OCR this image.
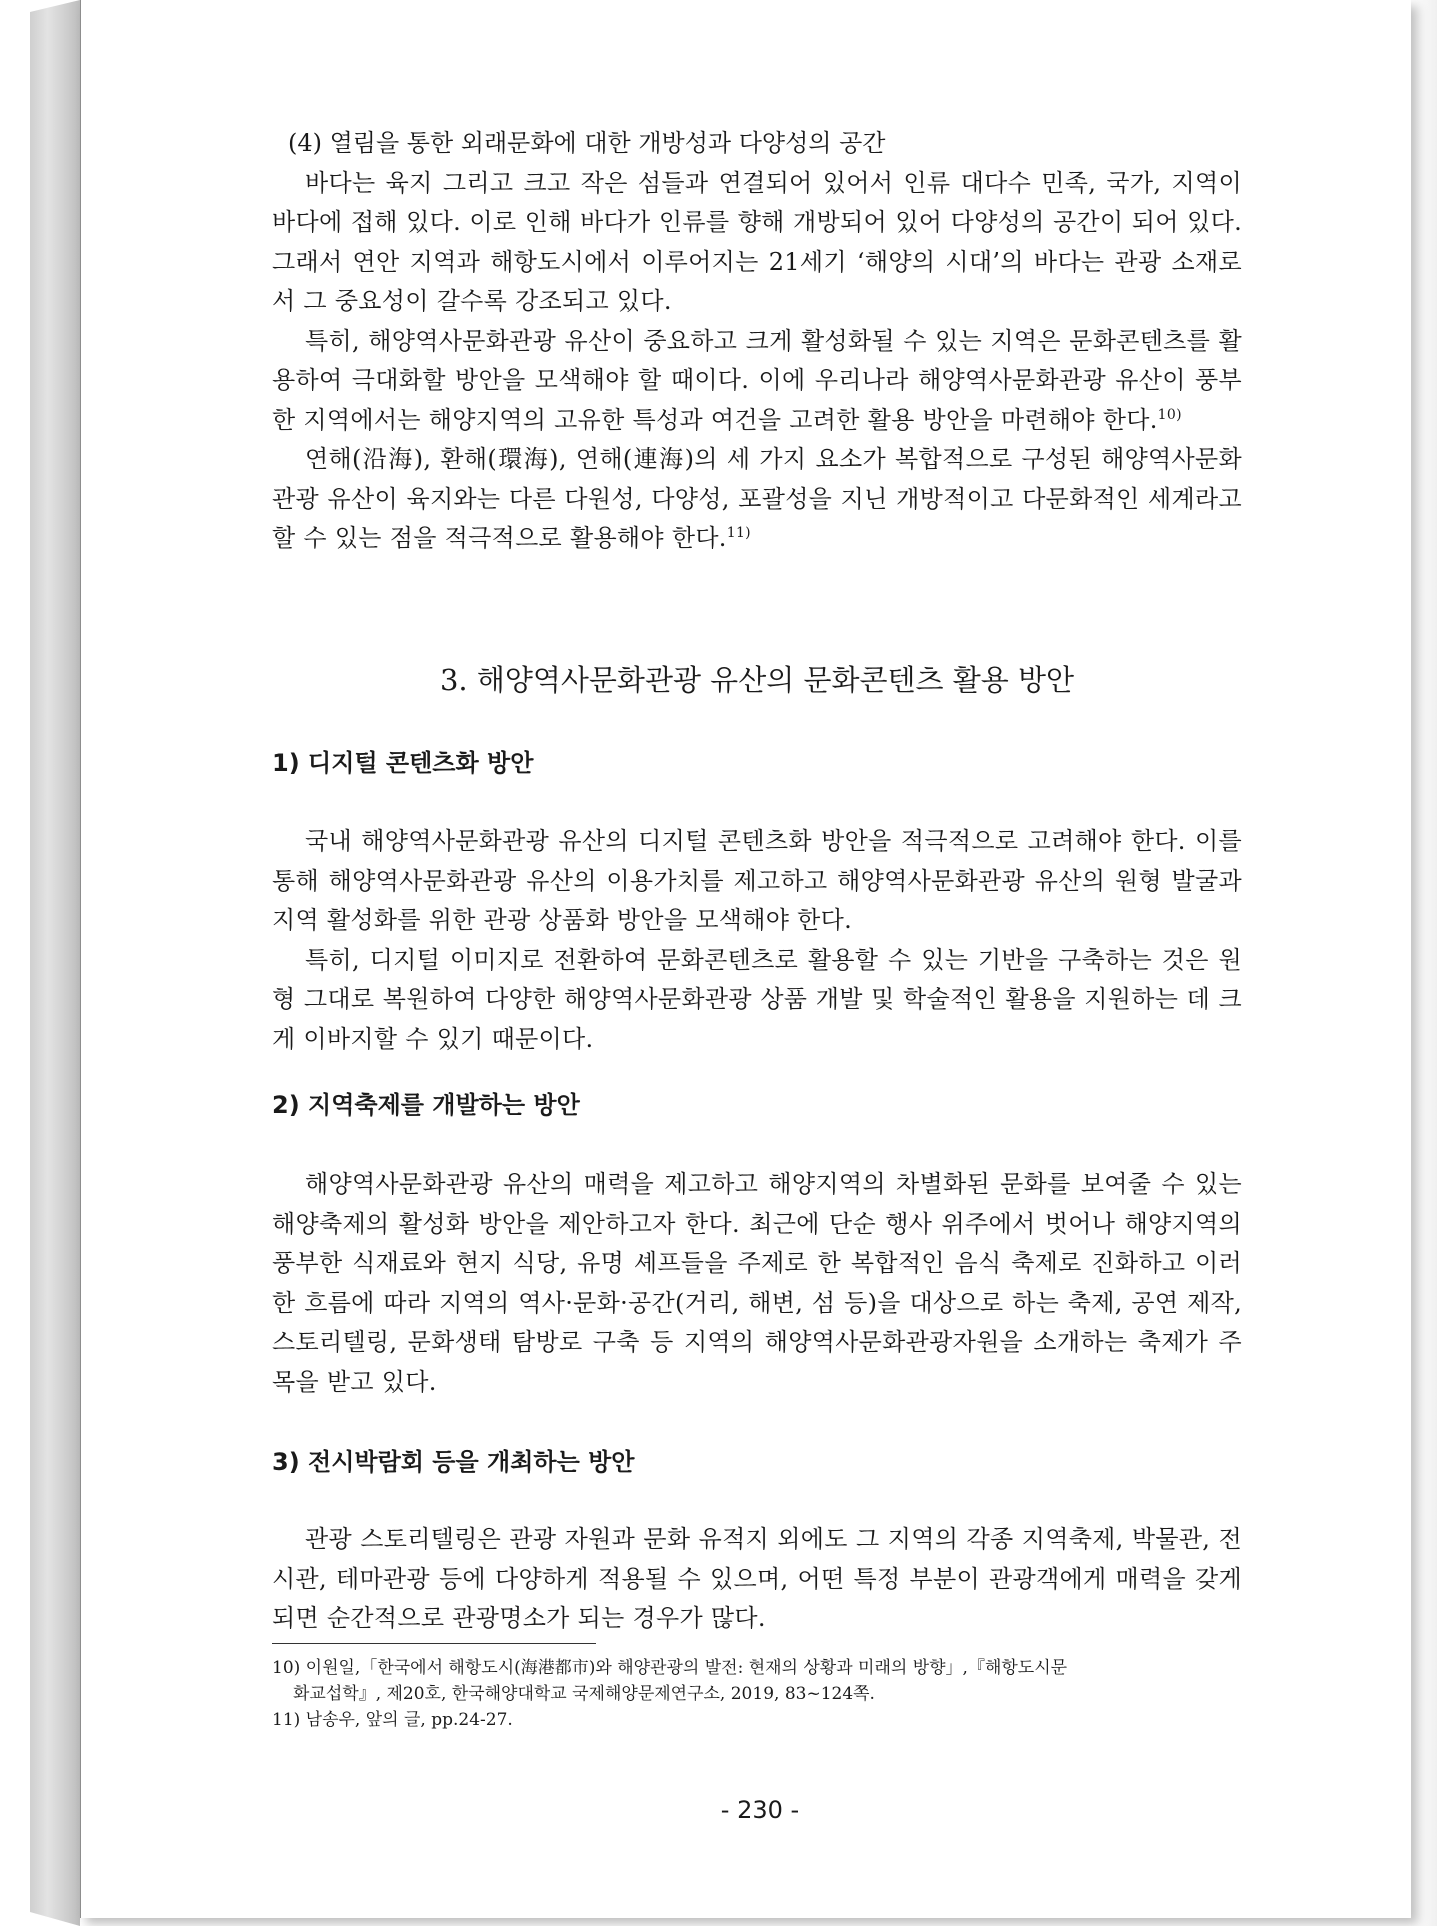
(4) 열림을 통한 외래문화에 대한 개방성과 다양성의 공간

바다는 육지 그리고 크고 작은 섬들과 연결되어 있어서 인류 대다수 민족, 국가, 지역이 바다에 접해 있다. 이로 인해 바다가 인류를 향해 개방되어 있어 다양성의 공간이 되어 있다. 그래서 연안 지역과 해항도시에서 이루어지는 21세기 ‘해양의 시대’의 바다는 관광 소재로서 그 중요성이 갈수록 강조되고 있다.

특히, 해양역사문화관광 유산이 중요하고 크게 활성화될 수 있는 지역은 문화콘텐츠를 활용하여 극대화할 방안을 모색해야 할 때이다. 이에 우리나라 해양역사문화관광 유산이 풍부한 지역에서는 해양지역의 고유한 특성과 여건을 고려한 활용 방안을 마련해야 한다.$^{10)}$

연해(沿海), 환해(環海), 연해(連海)의 세 가지 요소가 복합적으로 구성된 해양역사문화관광 유산이 육지와는 다른 다원성, 다양성, 포괄성을 지닌 개방적이고 다문화적인 세계라고 할 수 있는 점을 적극적으로 활용해야 한다.$^{11)}$

3. 해양역사문화관광 유산의 문화콘텐츠 활용 방안
1) 디지털 콘텐츠화 방안

국내 해양역사문화관광 유산의 디지털 콘텐츠화 방안을 적극적으로 고려해야 한다. 이를 통해 해양역사문화관광 유산의 이용가치를 제고하고 해양역사문화관광 유산의 원형 발굴과 지역 활성화를 위한 관광 상품화 방안을 모색해야 한다.

특히, 디지털 이미지로 전환하여 문화콘텐츠로 활용할 수 있는 기반을 구축하는 것은 원형 그대로 복원하여 다양한 해양역사문화관광 상품 개발 및 학술적인 활용을 지원하는 데 크게 이바지할 수 있기 때문이다.

2) 지역축제를 개발하는 방안

해양역사문화관광 유산의 매력을 제고하고 해양지역의 차별화된 문화를 보여줄 수 있는 해양축제의 활성화 방안을 제안하고자 한다. 최근에 단순 행사 위주에서 벗어나 해양지역의 풍부한 식재료와 현지 식당, 유명 셰프들을 주제로 한 복합적인 음식 축제로 진화하고 이러한 흐름에 따라 지역의 역사·문화·공간(거리, 해변, 섬 등)을 대상으로 하는 축제, 공연 제작, 스토리텔링, 문화생태 탐방로 구축 등 지역의 해양역사문화관광자원을 소개하는 축제가 주목을 받고 있다.

3) 전시박람회 등을 개최하는 방안

관광 스토리텔링은 관광 자원과 문화 유적지 외에도 그 지역의 각종 지역축제, 박물관, 전시관, 테마관광 등에 다양하게 적용될 수 있으며, 어떤 특정 부분이 관광객에게 매력을 갖게 되면 순간적으로 관광명소가 되는 경우가 많다.

10) 이원일,「한국에서 해항도시(海港都市)와 해양관광의 발전: 현재의 상황과 미래의 방향」,『해항도시문
화교섭학』, 제20호, 한국해양대학교 국제해양문제연구소, 2019, 83~124쪽.
11) 남송우, 앞의 글, pp.24-27.
- 230 -
